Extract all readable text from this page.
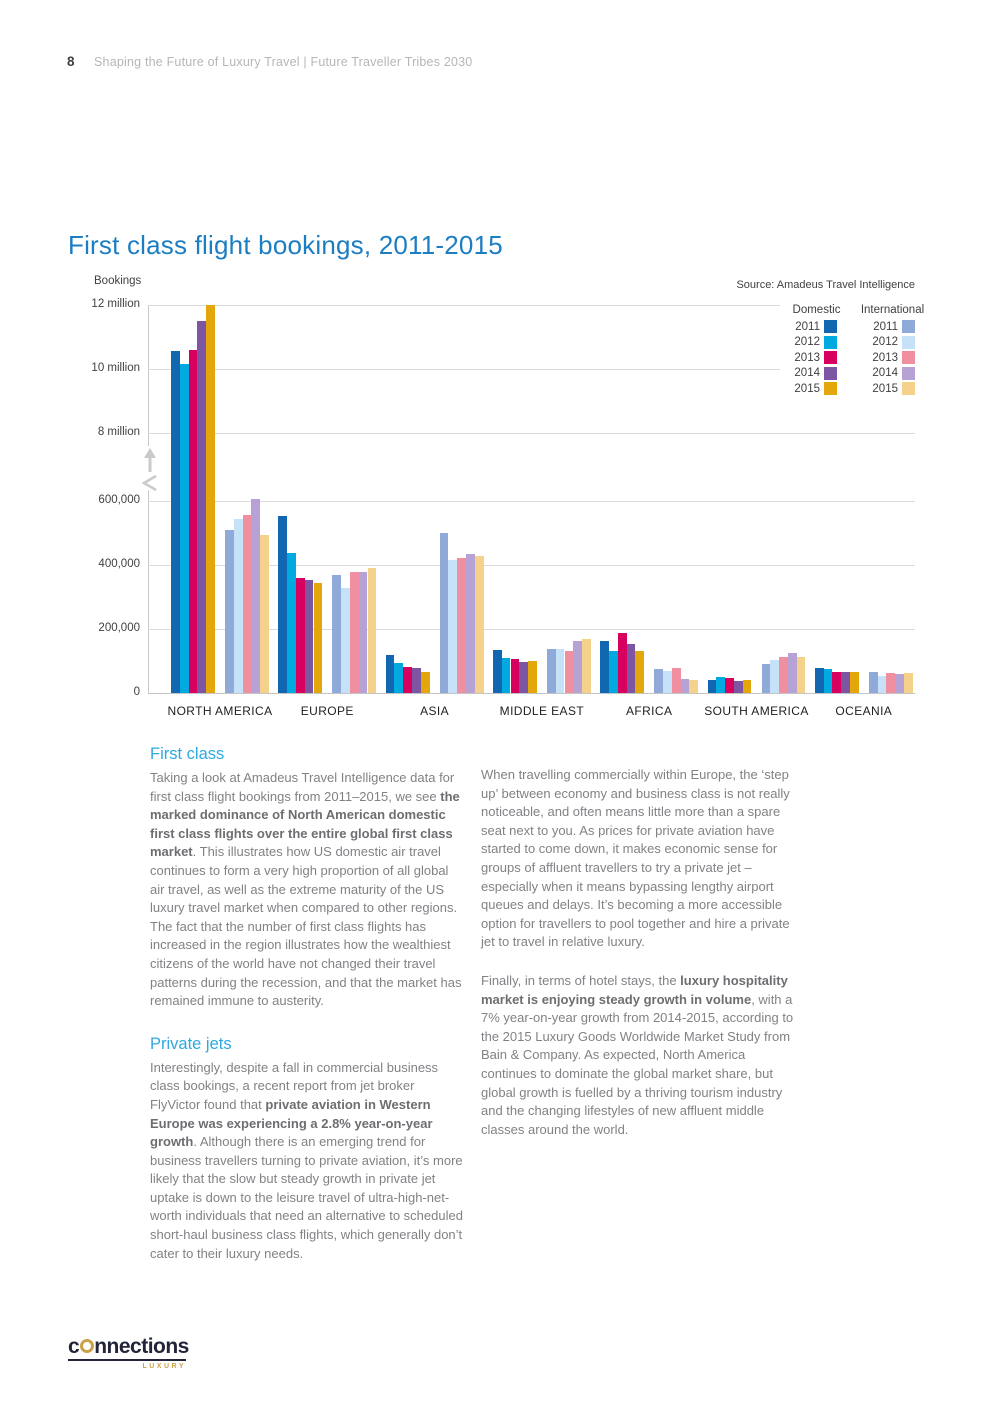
8 Shaping the Future of Luxury Travel | Future Traveller Tribes 2030
First class flight bookings, 2011-2015
Bookings	Source: Amadeus Travel Intelligence
0
200,000
400,000
600,000
8 million
10 million
12 million
NORTH AMERICA	EUROPE	ASIA	MIDDLE EAST	AFRICA	SOUTH AMERICA	OCEANIA
Domestic	International
2011	2011
2012	2012
2013	2013
2014	2014
2015	2015
First class

Taking a look at Amadeus Travel Intelligence data for first class flight bookings from 2011–2015, we see the marked dominance of North American domestic first class flights over the entire global first class market. This illustrates how US domestic air travel continues to form a very high proportion of all global air travel, as well as the extreme maturity of the US luxury travel market when compared to other regions. The fact that the number of first class flights has increased in the region illustrates how the wealthiest citizens of the world have not changed their travel patterns during the recession, and that the market has remained immune to austerity.

Private jets

Interestingly, despite a fall in commercial business class bookings, a recent report from jet broker FlyVictor found that private aviation in Western Europe was experiencing a 2.8% year-on-year growth. Although there is an emerging trend for business travellers turning to private aviation, it’s more likely that the slow but steady growth in private jet uptake is down to the leisure travel of ultra-high-net-worth individuals that need an alternative to scheduled short-haul business class flights, which generally don’t cater to their luxury needs.

When travelling commercially within Europe, the ‘step up’ between economy and business class is not really noticeable, and often means little more than a spare seat next to you. As prices for private aviation have started to come down, it makes economic sense for groups of affluent travellers to try a private jet – especially when it means bypassing lengthy airport queues and delays. It’s becoming a more accessible option for travellers to pool together and hire a private jet to travel in relative luxury.

Finally, in terms of hotel stays, the luxury hospitality market is enjoying steady growth in volume, with a 7% year-on-year growth from 2014-2015, according to the 2015 Luxury Goods Worldwide Market Study from Bain & Company. As expected, North America continues to dominate the global market share, but global growth is fuelled by a thriving tourism industry and the changing lifestyles of new affluent middle classes around the world.

c nnections
LUXURY
